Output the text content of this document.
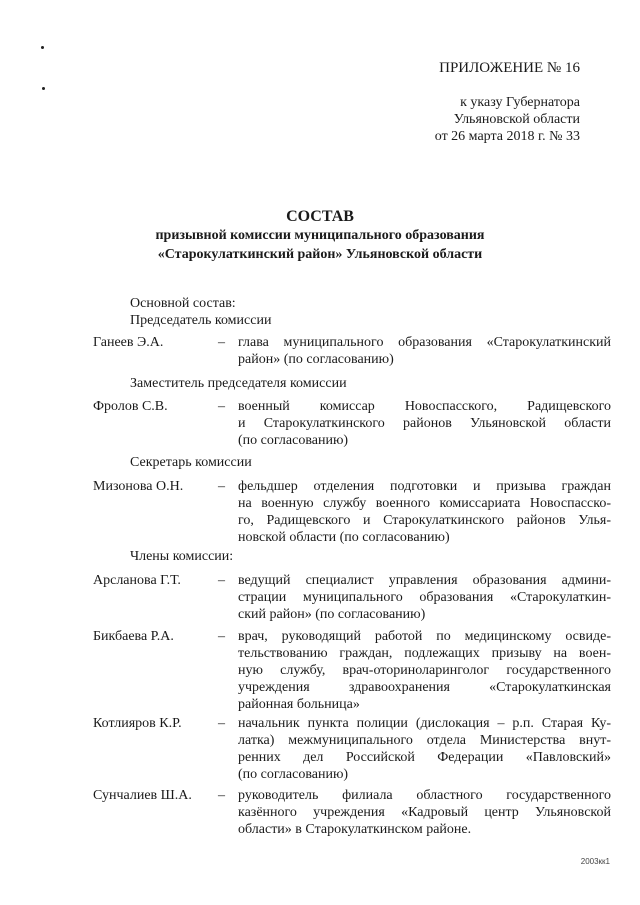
ПРИЛОЖЕНИЕ № 16
к указу Губернатора
Ульяновской области
от 26 марта 2018 г. № 33
СОСТАВ
призывной комиссии муниципального образования
«Старокулаткинский район» Ульяновской области
Основной состав:
Председатель комиссии
Ганеев Э.А.	– глава муниципального образования «Старокулаткинский
район» (по согласованию)
Заместитель председателя комиссии
Фролов С.В.	– военный комиссар Новоспасского, Радищевского
и Старокулаткинского районов Ульяновской области
(по согласованию)
Секретарь комиссии
Мизонова О.Н. – фельдшер отделения подготовки и призыва граждан
на военную службу военного комиссариата Новоспасско-
го, Радищевского и Старокулаткинского районов Улья-
новской области (по согласованию)
Члены комиссии:
Арсланова Г.Т.	– ведущий специалист управления образования админи-
страции муниципального образования «Старокулаткин-
ский район» (по согласованию)
Бикбаева Р.А.	– врач, руководящий работой по медицинскому освиде-
тельствованию граждан, подлежащих призыву на воен-
ную службу, врач-оториноларинголог государственного
учреждения здравоохранения «Старокулаткинская
районная больница»
Котлияров К.Р.	– начальник пункта полиции (дислокация – р.п. Старая Ку-
латка) межмуниципального отдела Министерства внут-
ренних дел Российской Федерации «Павловский»
(по согласованию)
Сунчалиев Ш.А. – руководитель филиала областного государственного
казённого учреждения «Кадровый центр Ульяновской
области» в Старокулаткинском районе.
2003кк1
